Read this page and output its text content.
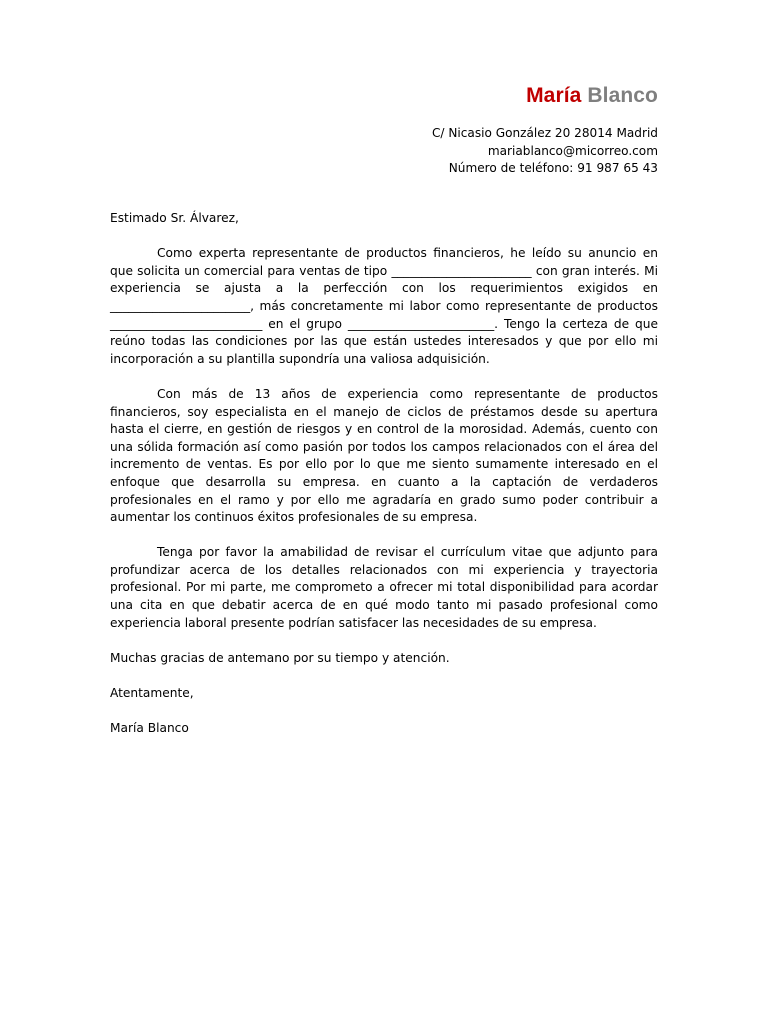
María Blanco
C/ Nicasio González 20 28014 Madrid
mariablanco@micorreo.com
Número de teléfono: 91 987 65 43

Estimado Sr. Álvarez,

Como experta representante de productos financieros, he leído su anuncio en que solicita un comercial para ventas de tipo _______________________ con gran interés. Mi experiencia se ajusta a la perfección con los requerimientos exigidos en _______________________, más concretamente mi labor como representante de productos _________________________ en el grupo ________________________. Tengo la certeza de que reúno todas las condiciones por las que están ustedes interesados y que por ello mi incorporación a su plantilla supondría una valiosa adquisición.

Con más de 13 años de experiencia como representante de productos financieros, soy especialista en el manejo de ciclos de préstamos desde su apertura hasta el cierre, en gestión de riesgos y en control de la morosidad. Además, cuento con una sólida formación así como pasión por todos los campos relacionados con el área del incremento de ventas. Es por ello por lo que me siento sumamente interesado en el enfoque que desarrolla su empresa. en cuanto a la captación de verdaderos profesionales en el ramo y por ello me agradaría en grado sumo poder contribuir a aumentar los continuos éxitos profesionales de su empresa.

Tenga por favor la amabilidad de revisar el currículum vitae que adjunto para profundizar acerca de los detalles relacionados con mi experiencia y trayectoria profesional. Por mi parte, me comprometo a ofrecer mi total disponibilidad para acordar una cita en que debatir acerca de en qué modo tanto mi pasado profesional como experiencia laboral presente podrían satisfacer las necesidades de su empresa.

Muchas gracias de antemano por su tiempo y atención.

Atentamente,

María Blanco
